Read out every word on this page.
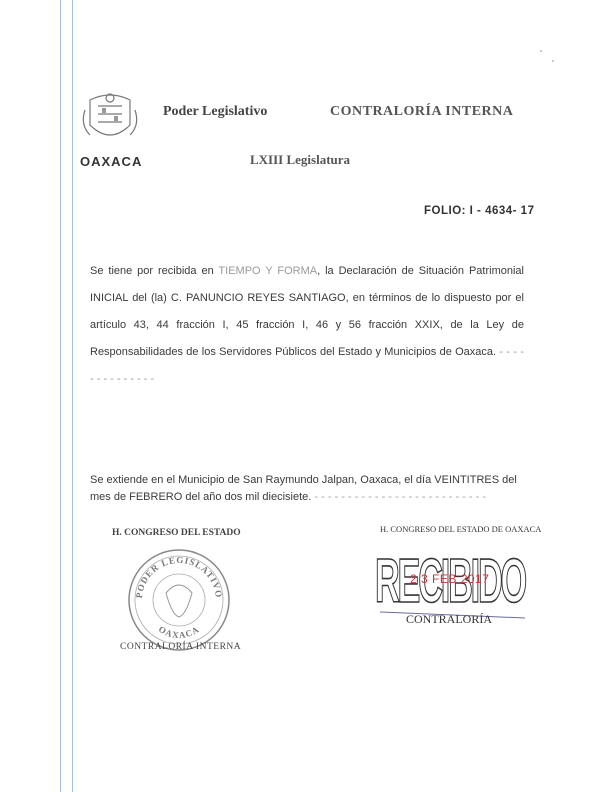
OAXACA
Poder Legislativo	CONTRALORÍA INTERNA
LXIII Legislatura
FOLIO: I - 4634- 17
Se tiene por recibida en TIEMPO Y FORMA, la Declaración de Situación Patrimonial INICIAL del (la) C. PANUNCIO REYES SANTIAGO, en términos de lo dispuesto por el artículo 43, 44 fracción I, 45 fracción I, 46 y 56 fracción XXIX, de la Ley de Responsabilidades de los Servidores Públicos del Estado y Municipios de Oaxaca. - - - - - - - - - - - - - -
Se extiende en el Municipio de San Raymundo Jalpan, Oaxaca, el día VEINTITRES del mes de FEBRERO del año dos mil diecisiete. - - - - - - - - - - - - - - - - - - - - - - - - - -
H. CONGRESO DEL ESTADO
PODER LEGISLATIVO
OAXACA
CONTRALORÍA INTERNA
H. CONGRESO DEL ESTADO DE OAXACA
RECIBIDO
2 3 FEB 2017
CONTRALORÍA
